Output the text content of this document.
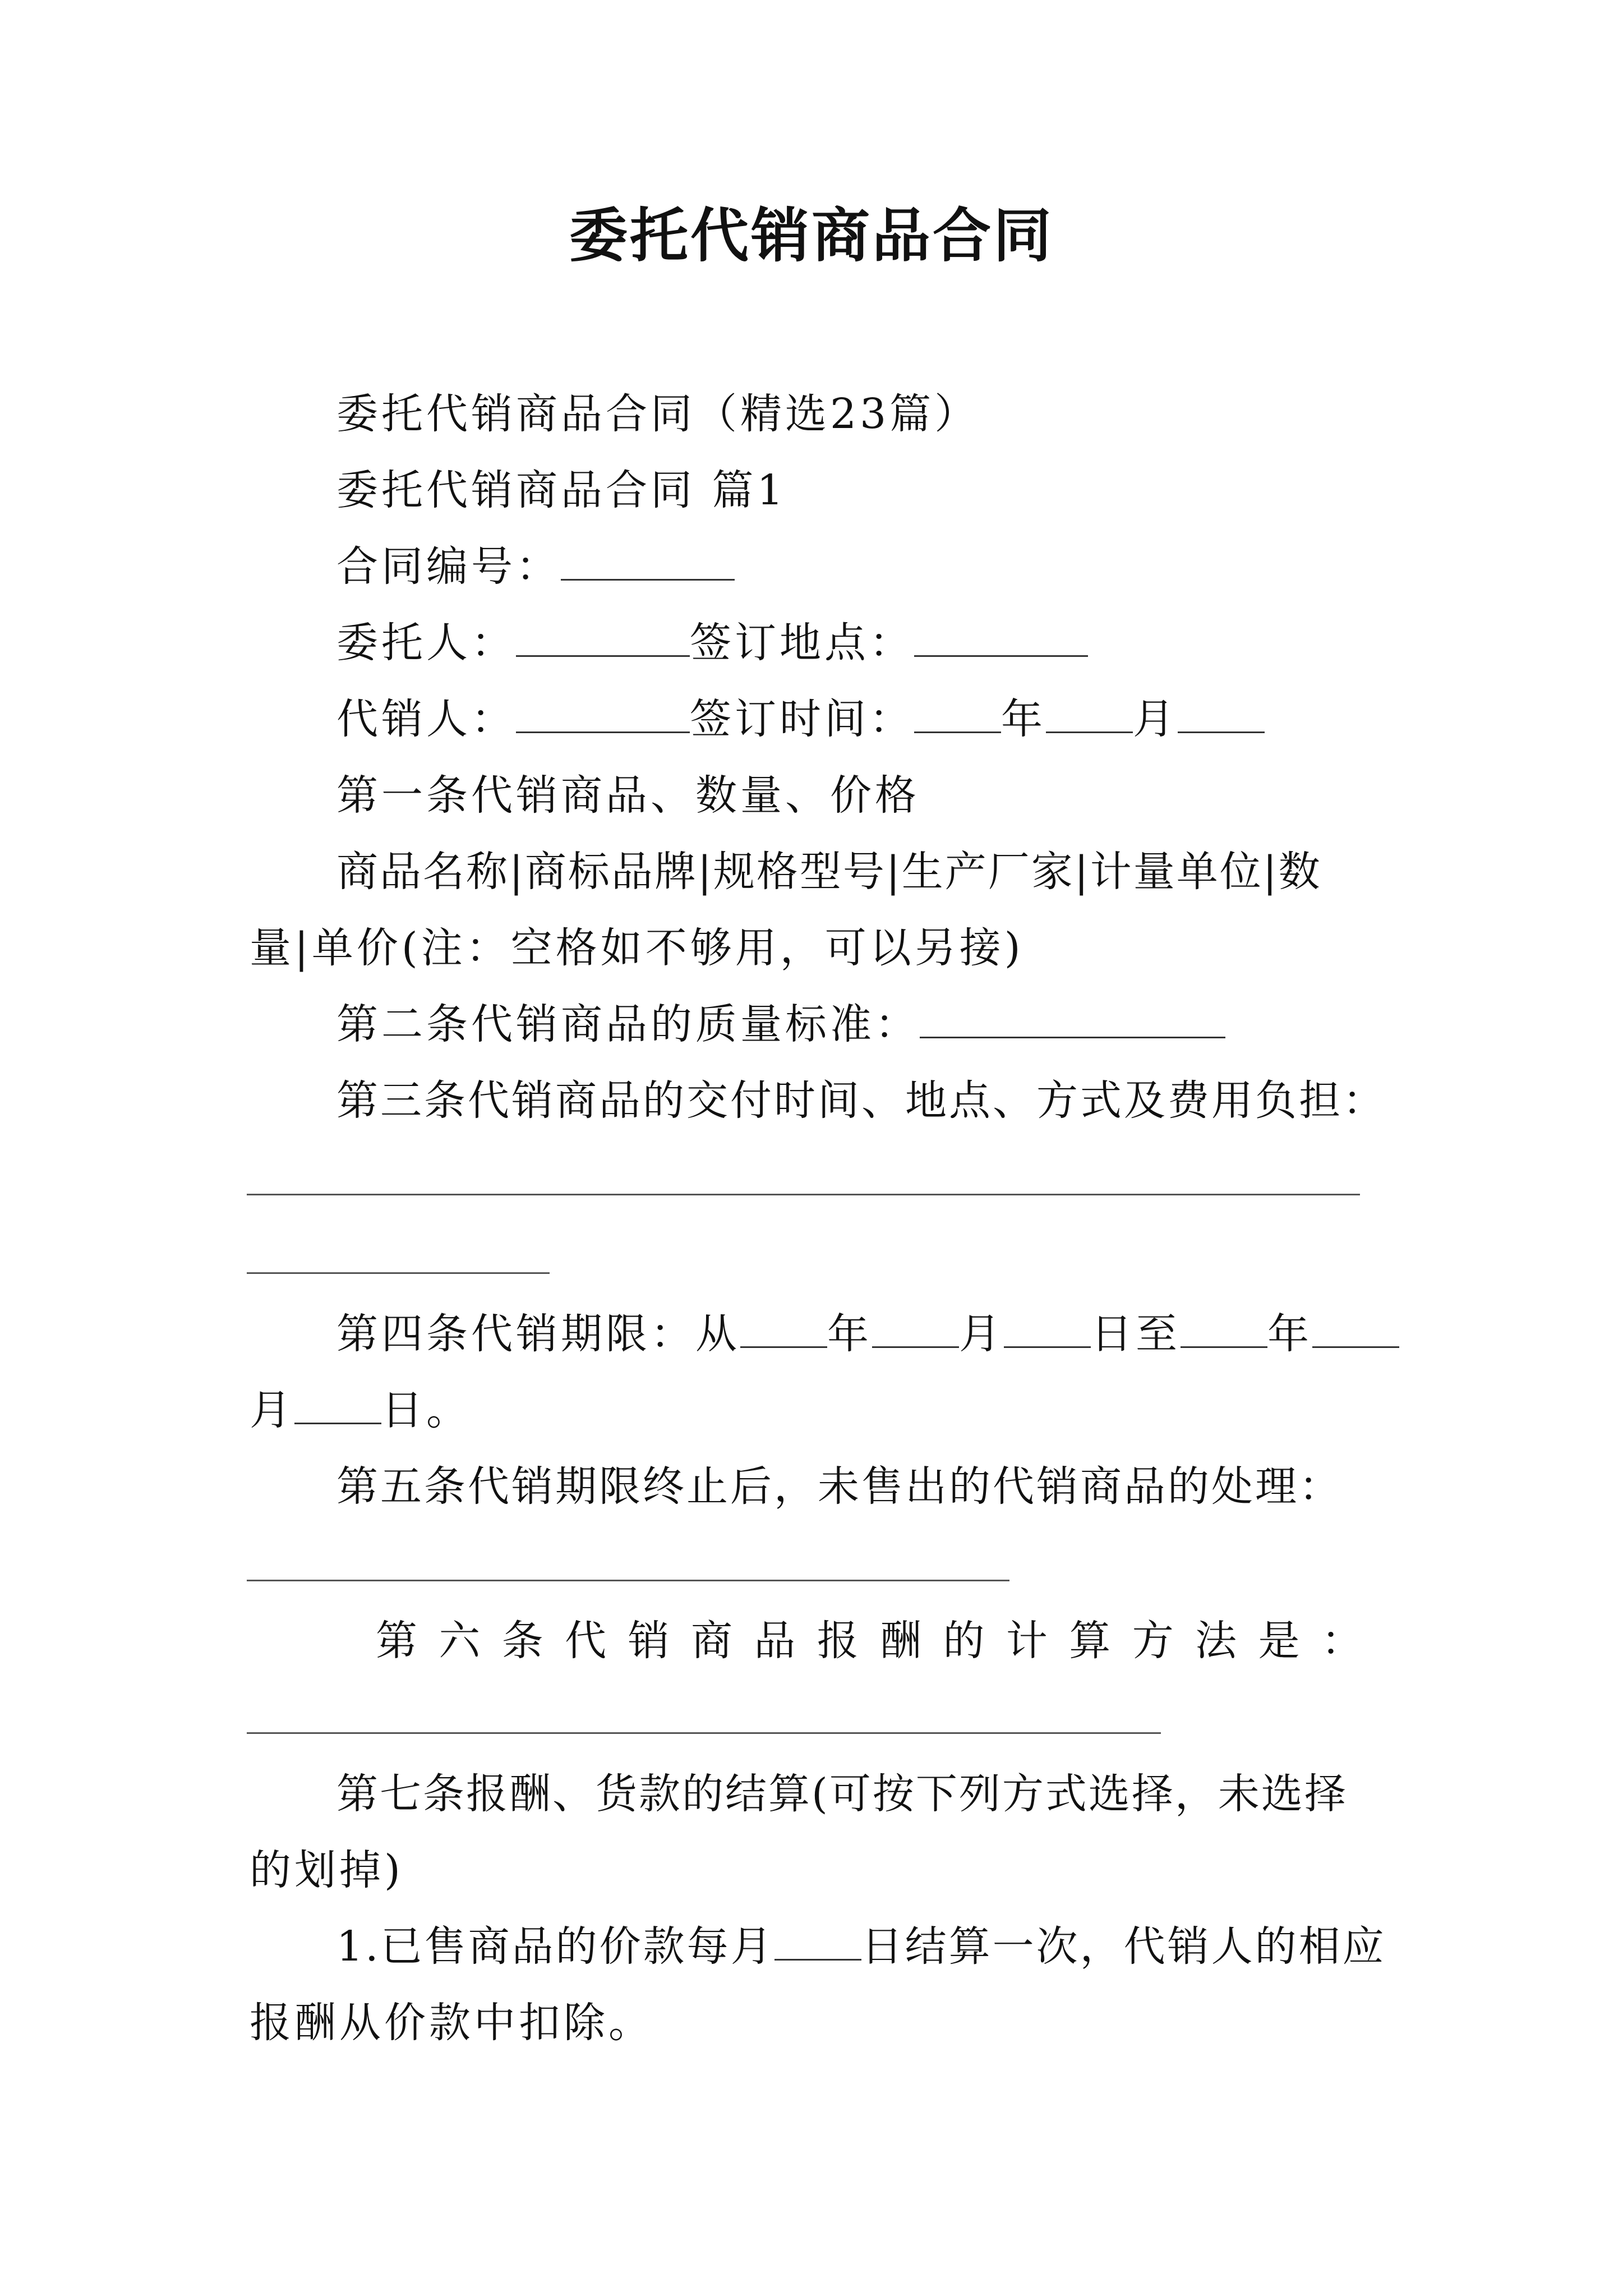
委托代销商品合同
委托代销商品合同（精选23篇）
委托代销商品合同 篇1
合同编号：
委托人：	签订地点：
代销人：	签订时间： 年 月
第一条代销商品、数量、价格
商品名称|商标品牌|规格型号|生产厂家|计量单位|数
量|单价(注：空格如不够用，可以另接)
第二条代销商品的质量标准：
第三条代销商品的交付时间、地点、方式及费用负担：
第四条代销期限：从 年 月 日至 年
月 日。
第五条代销期限终止后，未售出的代销商品的处理：
第 六 条 代 销 商 品 报 酬 的 计 算 方 法 是 ：
第七条报酬、货款的结算(可按下列方式选择，未选择
的划掉)
1.已售商品的价款每月 日结算一次，代销人的相应
报酬从价款中扣除。
